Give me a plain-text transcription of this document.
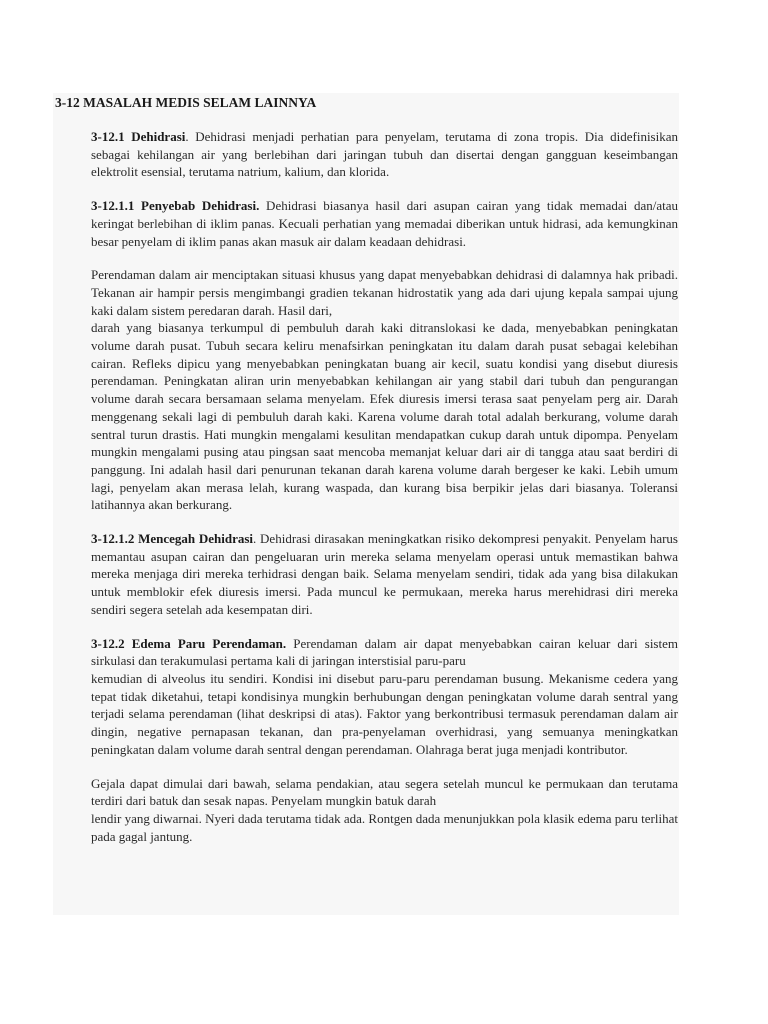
3-12 MASALAH MEDIS SELAM LAINNYA

3-12.1 Dehidrasi. Dehidrasi menjadi perhatian para penyelam, terutama di zona tropis. Dia didefinisikan sebagai kehilangan air yang berlebihan dari jaringan tubuh dan disertai dengan gangguan keseimbangan elektrolit esensial, terutama natrium, kalium, dan klorida.

3-12.1.1 Penyebab Dehidrasi. Dehidrasi biasanya hasil dari asupan cairan yang tidak memadai dan/atau keringat berlebihan di iklim panas. Kecuali perhatian yang memadai diberikan untuk hidrasi, ada kemungkinan besar penyelam di iklim panas akan masuk air dalam keadaan dehidrasi.

Perendaman dalam air menciptakan situasi khusus yang dapat menyebabkan dehidrasi di dalamnya hak pribadi. Tekanan air hampir persis mengimbangi gradien tekanan hidrostatik yang ada dari ujung kepala sampai ujung kaki dalam sistem peredaran darah. Hasil dari,
darah yang biasanya terkumpul di pembuluh darah kaki ditranslokasi ke dada, menyebabkan peningkatan volume darah pusat. Tubuh secara keliru menafsirkan peningkatan itu dalam darah pusat sebagai kelebihan cairan. Refleks dipicu yang menyebabkan peningkatan buang air kecil, suatu kondisi yang disebut diuresis perendaman. Peningkatan aliran urin menyebabkan kehilangan air yang stabil dari tubuh dan pengurangan volume darah secara bersamaan selama menyelam. Efek diuresis imersi terasa saat penyelam perg air. Darah menggenang sekali lagi di pembuluh darah kaki. Karena volume darah total adalah berkurang, volume darah sentral turun drastis. Hati mungkin mengalami kesulitan mendapatkan cukup darah untuk dipompa. Penyelam mungkin mengalami pusing atau pingsan saat mencoba memanjat keluar dari air di tangga atau saat berdiri di panggung. Ini adalah hasil dari penurunan tekanan darah karena volume darah bergeser ke kaki. Lebih umum lagi, penyelam akan merasa lelah, kurang waspada, dan kurang bisa berpikir jelas dari biasanya. Toleransi latihannya akan berkurang.

3-12.1.2 Mencegah Dehidrasi. Dehidrasi dirasakan meningkatkan risiko dekompresi penyakit. Penyelam harus memantau asupan cairan dan pengeluaran urin mereka selama menyelam operasi untuk memastikan bahwa mereka menjaga diri mereka terhidrasi dengan baik. Selama menyelam sendiri, tidak ada yang bisa dilakukan untuk memblokir efek diuresis imersi. Pada muncul ke permukaan, mereka harus merehidrasi diri mereka sendiri segera setelah ada kesempatan diri.

3-12.2 Edema Paru Perendaman. Perendaman dalam air dapat menyebabkan cairan keluar dari sistem sirkulasi dan terakumulasi pertama kali di jaringan interstisial paru-paru
kemudian di alveolus itu sendiri. Kondisi ini disebut paru-paru perendaman busung. Mekanisme cedera yang tepat tidak diketahui, tetapi kondisinya mungkin berhubungan dengan peningkatan volume darah sentral yang terjadi selama perendaman (lihat deskripsi di atas). Faktor yang berkontribusi termasuk perendaman dalam air dingin, negative pernapasan tekanan, dan pra-penyelaman overhidrasi, yang semuanya meningkatkan peningkatan dalam volume darah sentral dengan perendaman. Olahraga berat juga menjadi kontributor.

Gejala dapat dimulai dari bawah, selama pendakian, atau segera setelah muncul ke permukaan dan terutama terdiri dari batuk dan sesak napas. Penyelam mungkin batuk darah
lendir yang diwarnai. Nyeri dada terutama tidak ada. Rontgen dada menunjukkan pola klasik edema paru terlihat pada gagal jantung.
